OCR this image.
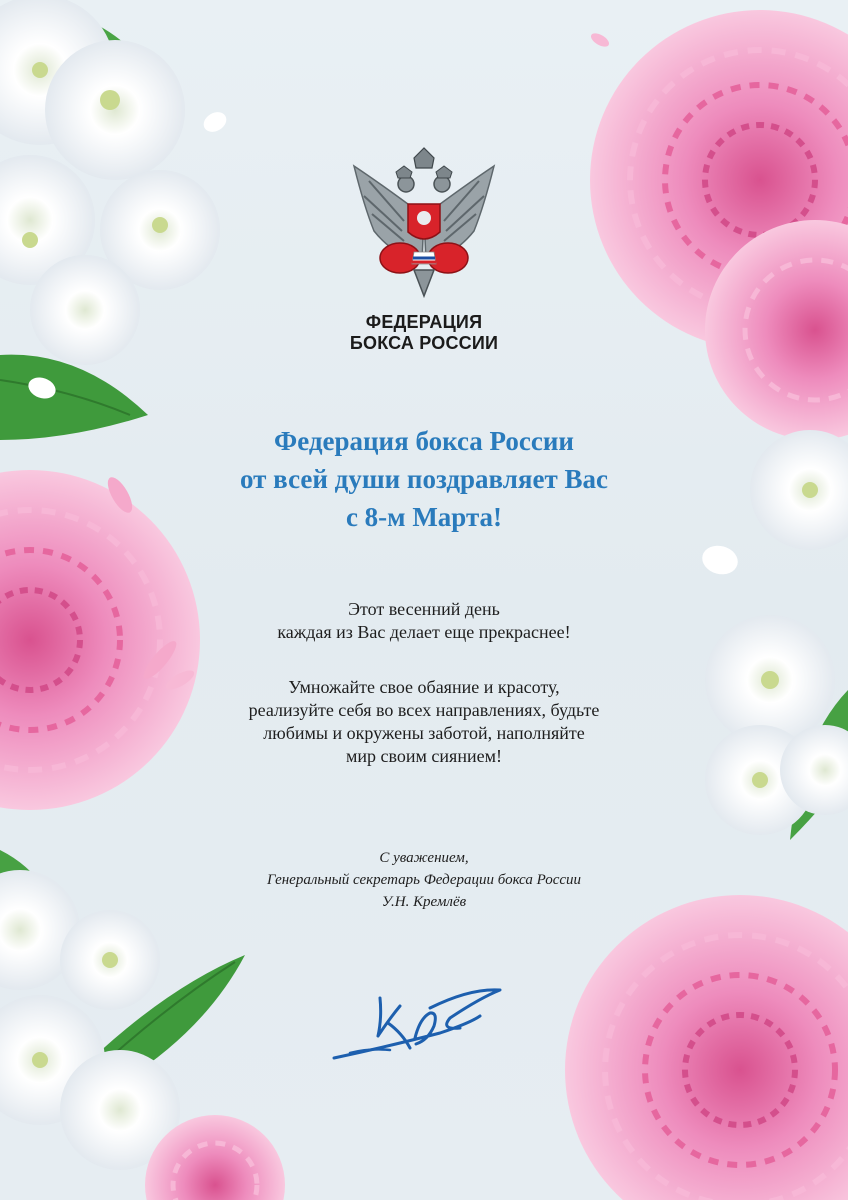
ФЕДЕРАЦИЯ
БОКСА РОССИИ
Федерация бокса России
от всей души поздравляет Вас
с 8-м Марта!
Этот весенний день
каждая из Вас делает еще прекраснее!
Умножайте свое обаяние и красоту,
реализуйте себя во всех направлениях, будьте
любимы и окружены заботой, наполняйте
мир своим сиянием!
С уважением,
Генеральный секретарь Федерации бокса России
У.Н. Кремлёв
